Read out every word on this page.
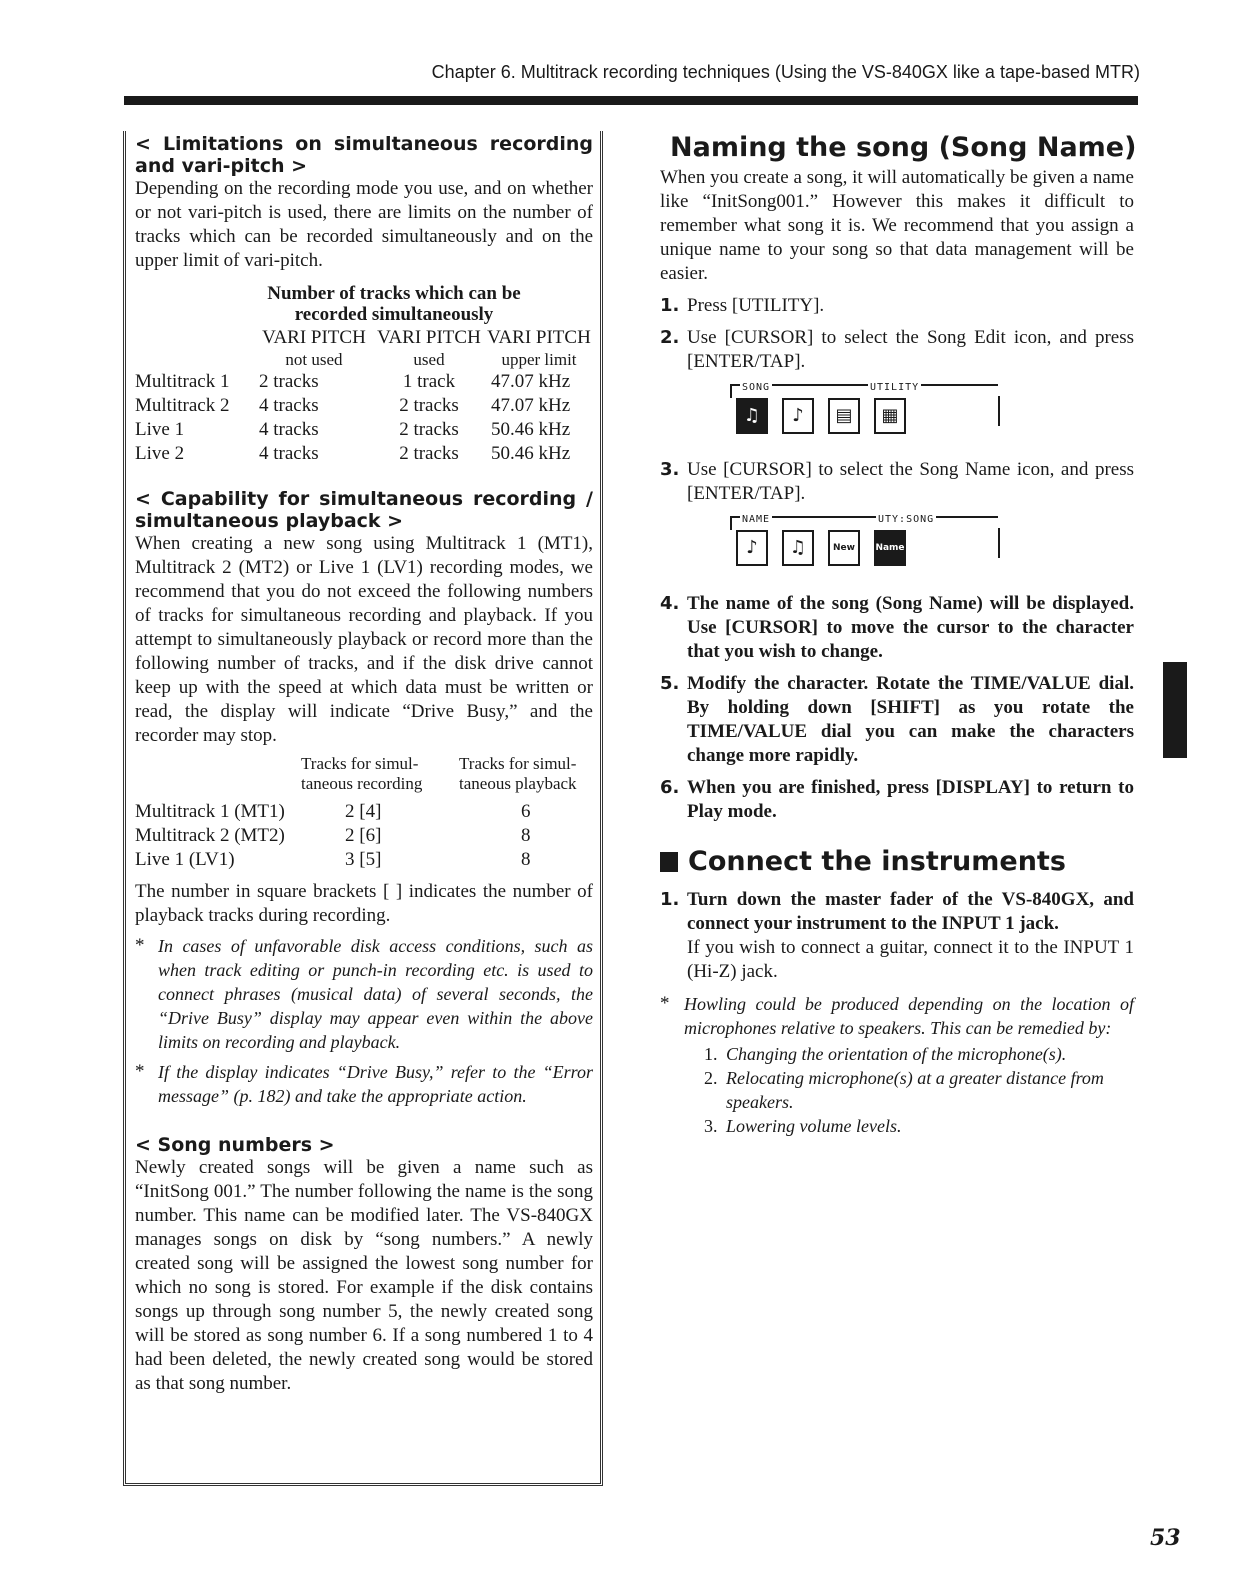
Chapter 6. Multitrack recording techniques (Using the VS-840GX like a tape-based MTR)
< Limitations on simultaneous recording and vari-pitch >

Depending on the recording mode you use, and on whether or not vari-pitch is used, there are limits on the number of tracks which can be recorded simultaneously and on the upper limit of vari-pitch.

Number of tracks which can be
recorded simultaneously
	VARI PITCH	VARI PITCH	VARI PITCH
	not used	used	upper limit
Multitrack 1	2 tracks	1 track	47.07 kHz
Multitrack 2	4 tracks	2 tracks	47.07 kHz
Live 1	4 tracks	2 tracks	50.46 kHz
Live 2	4 tracks	2 tracks	50.46 kHz
< Capability for simultaneous recording / simultaneous playback >

When creating a new song using Multitrack 1 (MT1), Multitrack 2 (MT2) or Live 1 (LV1) recording modes, we recommend that you do not exceed the following numbers of tracks for simultaneous recording and playback. If you attempt to simultaneously playback or record more than the following number of tracks, and if the disk drive cannot keep up with the speed at which data must be written or read, the display will indicate “Drive Busy,” and the recorder may stop.

	Tracks for simul-	Tracks for simul-
	taneous recording	taneous playback

Multitrack 1 (MT1)	2 [4]	6
Multitrack 2 (MT2)	2 [6]	8
Live 1 (LV1)	3 [5]	8

The number in square brackets [ ] indicates the number of playback tracks during recording.

* In cases of unfavorable disk access conditions, such as when track editing or punch-in recording etc. is used to connect phrases (musical data) of several seconds, the “Drive Busy” display may appear even within the above limits on recording and playback.

* If the display indicates “Drive Busy,” refer to the “Error message” (p. 182) and take the appropriate action.

< Song numbers >

Newly created songs will be given a name such as “InitSong 001.” The number following the name is the song number. This name can be modified later. The VS-840GX manages songs on disk by “song numbers.” A newly created song will be assigned the lowest song number for which no song is stored. For example if the disk contains songs up through song number 5, the newly created song will be stored as song number 6. If a song numbered 1 to 4 had been deleted, the newly created song would be stored as that song number.

Naming the song (Song Name)

When you create a song, it will automatically be given a name like “InitSong001.” However this makes it difficult to remember what song it is. We recommend that you assign a unique name to your song so that data management will be easier.

1. Press [UTILITY].

2. Use [CURSOR] to select the Song Edit icon, and press [ENTER/TAP].

SONG	UTILITY
♫ ♪ ▤ ▦
3. Use [CURSOR] to select the Song Name icon, and press [ENTER/TAP].

NAME	UTY:SONG
♪ ♫	New	Name
4. The name of the song (Song Name) will be displayed. Use [CURSOR] to move the cursor to the character that you wish to change.

5. Modify the character. Rotate the TIME/VALUE dial. By holding down [SHIFT] as you rotate the TIME/VALUE dial you can make the characters change more rapidly.

6. When you are finished, press [DISPLAY] to return to Play mode.

Connect the instruments
1. Turn down the master fader of the VS-840GX, and connect your instrument to the INPUT 1 jack.

If you wish to connect a guitar, connect it to the INPUT 1 (Hi-Z) jack.

* Howling could be produced depending on the location of microphones relative to speakers. This can be remedied by:

1. Changing the orientation of the microphone(s).
2. Relocating microphone(s) at a greater distance from speakers.
3. Lowering volume levels.
53
